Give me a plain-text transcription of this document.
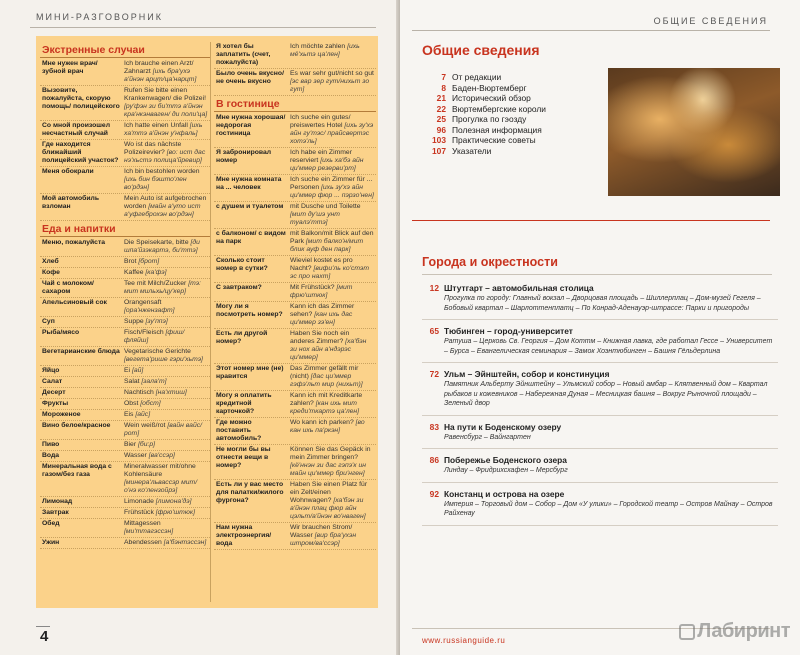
МИНИ-РАЗГОВОРНИК
Экстренные случаи
Мне нужен врач/ зубной врач
Ich brauche einen Arzt/ Zahnarzt [ихь бра'ухэ а'йнэн арцт/ца'нарцт]
Вызовите, пожалуйста, скорую помощь/ полицейского
Rufen Sie bitte einen Krankenwagen/ die Polizei! [ру'фэн зи би'ттэ а'йнэн кра'нкэнваген/ ди поли'ца]
Со мной произошел несчастный случай
Ich hatte einen Unfall [ихь ха'ттэ а'йнэн у'нфаль]
Где находится ближайший полицейский участок?
Wo ist das nächste Polizeirevier? [во: ист дас нэ'хьстэ полица'йревир]
Меня обокрали	Ich bin bestohlen worden [ихь бин бэшто'лен во'рдэн]
Мой автомобиль взломан
Mein Auto ist aufgebrochen worden [майн а'уто ист а'уфгеброхэн во'рдэн]
Еда и напитки
Меню, пожалуйста	Die Speisekarte, bitte [ди шпа'йзэкартэ, би'ттэ]
Хлеб	Brot [брот]
Кофе	Kaffee [ка'фэ]
Чай с молоком/ сахаром
Tee mit Milch/Zucker [тэ: мит мильхь/цу'кер]
Апельсиновый сок	Orangensaft [ора'нжензафт]
Суп	Suppe [зу'ппэ]
Рыба/мясо	Fisch/Fleisch [фиш/фляйш]
Вегетарианские блюда Vegetarische Gerichte [вегета'рише гэри'хьтэ]
Яйцо	Ei [ай]
Салат	Salat [зала'т]
Десерт	Nachtisch [на'хтиш]
Фрукты	Obst [обст]
Мороженое	Eis [айс]
Вино белое/красное	Wein weiß/rot [вайн вайс/рот]
Пиво	Bier [би:р]
Вода	Wasser [ва'ссэр]
Минеральная вода с газом/без газа
Mineralwasser mit/ohne Kohlensäure [минера'львассэр мит/о'нэ ко'лензойрэ]
Лимонад	Limonade [лимона'дэ]
Завтрак	Frühstück [фрю'штюк]
Обед	Mittagessen [ми'ттагэссэн]
Ужин	Abendessen [а'бэнтэссэн]
Я хотел бы заплатить (счет, пожалуйста)
Ich möchte zahlen [ихь мё'хьтэ ца'лен]
Было очень вкусно/не очень вкусно
Es war sehr gut/nicht so gut [эс вар зер гут/нихьт зо гут]
В гостинице
Мне нужна хорошая/ недорогая гостиница
Ich suche ein gutes/ preiswertes Hotel [ихь зу'хэ айн гу'тэс/ прайсвертэс хотэ'ль]
Я забронировал номер
Ich habe ein Zimmer reserviert [ихь ха'бэ айн ци'ммер резерви'рт]
Мне нужна комната на ... человек
Ich suche ein Zimmer für ... Personen [ихь зу'хэ айн ци'ммер фюр ... пэрзо'нен]
с душем и туалетом mit Dusche und Toilette [мит ду'шэ унт туалэ'ттэ]
с балконом/ с видом на парк
mit Balkon/mit Blick auf den Park [мит балко'н/мит блик ауф ден парк]
Сколько стоит номер в сутки?
Wieviel kostet es pro Nacht? [вифи'ль ко'стэт эс про нахт]
С завтраком?	Mit Frühstück? [мит фрю'штюк]
Могу ли я посмотреть номер?
Kann ich das Zimmer sehen? [кан ихь дас ци'ммер зэ'ен]
Есть ли другой номер?
Haben Sie noch ein anderes Zimmer? [ха'бэн зи нох айн а'ндэрэс ци'ммер]
Этот номер мне (не) нравится
Das Zimmer gefällt mir (nicht) [дас ци'ммер гэфэ'льт мир (нихьт)]
Могу я оплатить кредитной карточкой?
Kann ich mit Kreditkarte zahlen? [кан ихь мит креди'ткартэ ца'лен]
Где можно поставить автомобиль?
Wo kann ich parken? [во кан ихь па'ркэн]
Не могли бы вы отнести вещи в номер?
Können Sie das Gepäck in mein Zimmer bringen? [кё'ннэн зи дас гэпэ'к ин майн ци'ммер бри'нген]
Есть ли у вас место для палатки/жилого фургона?
Haben Sie einen Platz für ein Zelt/einen Wohnwagen? [ха'бэн зи а'йнэн плац фюр айн цэльт/а'йнэн во'нваген]
Нам нужна электроэнергия/ вода
Wir brauchen Strom/ Wasser [вир бра'ухэн штром/ва'ссэр]
4
ОБЩИЕ СВЕДЕНИЯ
Общие сведения
7 От редакции
8 Баден-Вюртемберг
21 Исторический обзор
22 Вюртембергские короли
25 Прогулка по гэозду
96 Полезная информация
103 Практические советы
107 Указатели
Города и окрестности
12 Штутгарт – автомобильная столица
Прогулка по городу: Главный вокзал – Дворцовая площадь – Шиллерплац – Дом-музей Гегеля – Бобовый квартал – Шарлоттенплатц – По Конрад-Аденауэр-штрассе: Парки и пригороды
65 Тюбинген – город-университет
Ратуша – Церковь Св. Георгия – Дом Коттм – Книжная лавка, где работал Гессе – Университет – Бурса – Евангелическая семинария – Замок Хоэнтюбинген – Башня Гёльдерлина
72 Ульм – Эйнштейн, собор и констинуция
Памятник Альберту Эйнштейну – Ульмский собор – Новый амбар – Клятвенный дом – Квартал рыбаков и кожевников – Набережная Дуная – Месницкая башня – Вокруг Рыночной площади – Зеленый двор
83 На пути к Боденскому озеру
Равенсбург – Вайнгартен
86 Побережье Боденского озера
Линдау – Фридрихсхафен – Мерсбург
92 Констанц и острова на озере
Империя – Торговый дом – Собор – Дом «У улики» – Городской театр – Остров Майнау – Остров Райхенау
www.russianguide.ru	Лабиринт
